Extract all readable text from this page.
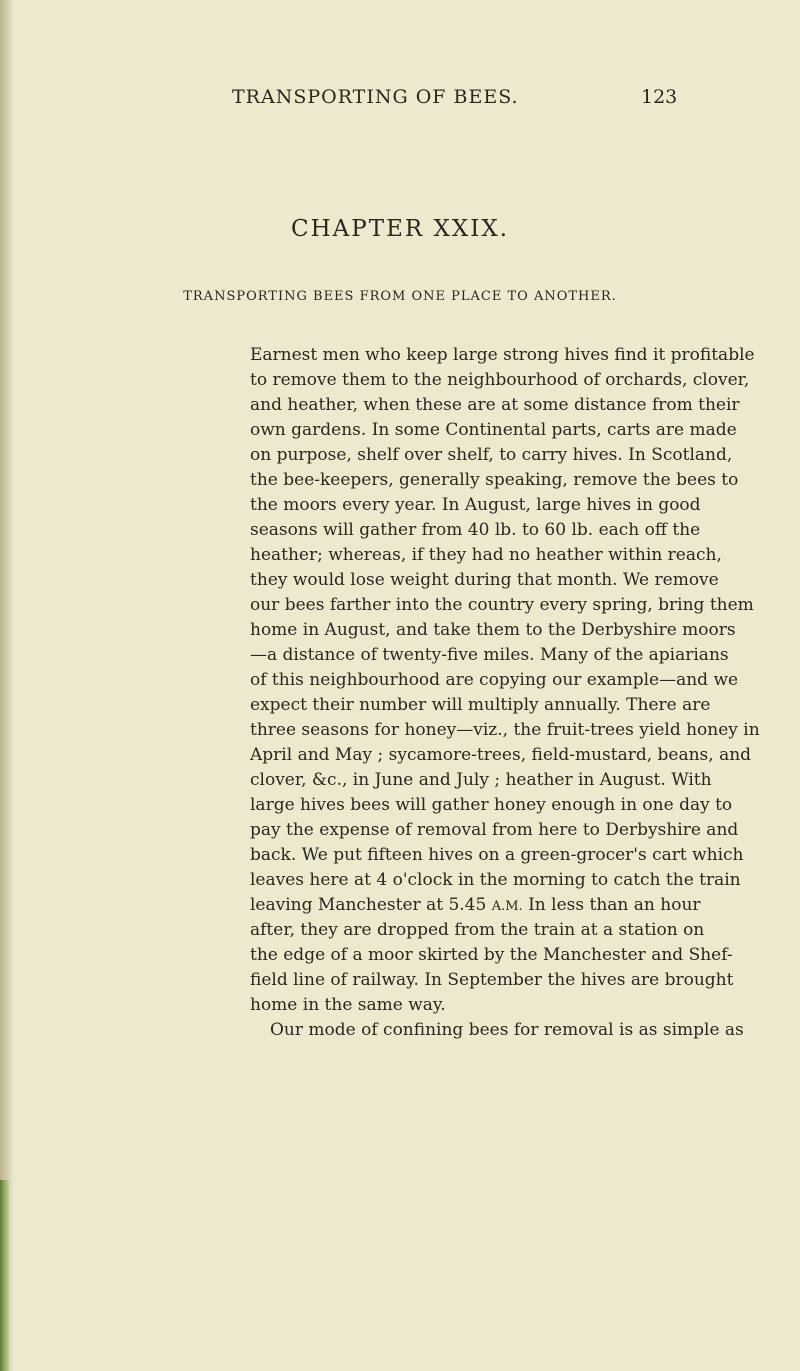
TRANSPORTING OF BEES.	123
CHAPTER XXIX.
TRANSPORTING BEES FROM ONE PLACE TO ANOTHER.
Earnest men who keep large strong hives find it profitable
to remove them to the neighbourhood of orchards, clover,
and heather, when these are at some distance from their
own gardens. In some Continental parts, carts are made
on purpose, shelf over shelf, to carry hives. In Scotland,
the bee-keepers, generally speaking, remove the bees to
the moors every year. In August, large hives in good
seasons will gather from 40 lb. to 60 lb. each off the
heather; whereas, if they had no heather within reach,
they would lose weight during that month. We remove
our bees farther into the country every spring, bring them
home in August, and take them to the Derbyshire moors
—a distance of twenty-five miles. Many of the apiarians
of this neighbourhood are copying our example—and we
expect their number will multiply annually. There are
three seasons for honey—viz., the fruit-trees yield honey in
April and May ; sycamore-trees, field-mustard, beans, and
clover, &c., in June and July ; heather in August. With
large hives bees will gather honey enough in one day to
pay the expense of removal from here to Derbyshire and
back. We put fifteen hives on a green-grocer's cart which
leaves here at 4 o'clock in the morning to catch the train
leaving Manchester at 5.45 A.M. In less than an hour
after, they are dropped from the train at a station on
the edge of a moor skirted by the Manchester and Shef-
field line of railway. In September the hives are brought
home in the same way.
Our mode of confining bees for removal is as simple as
